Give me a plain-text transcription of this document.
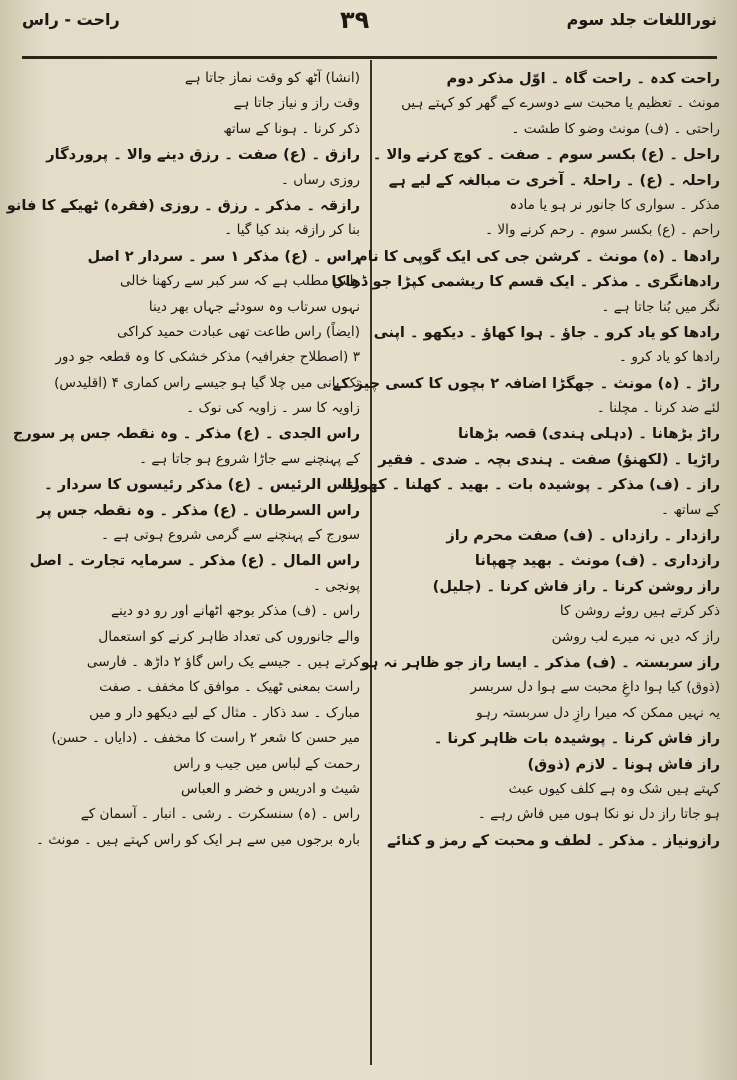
راحت - راس	۳۹	نوراللغات جلد سوم
راحت کدہ ۔ راحت گاہ ۔ اوّل مذکر دوم
مونث ۔ تعظیم یا محبت سے دوسرے کے گھر کو کہتے ہیں
راحتی ۔ (ف) مونث وضو کا طشت ۔
راحل ۔ (ع) بکسر سوم ۔ صفت ۔ کوچ کرنے والا ۔
راحلہ ۔ (ع) ۔ راحلۃ ۔ آخری ت مبالغہ کے لیے ہے
مذکر ۔ سواری کا جانور نر ہو یا مادہ
راحم ۔ (ع) بکسر سوم ۔ رحم کرنے والا ۔
رادھا ۔ (ہ) مونث ۔ کرشن جی کی ایک گوپی کا نام
رادھانگری ۔ مذکر ۔ ایک قسم کا ریشمی کپڑا جو ڈھاکا
نگر میں بُنا جاتا ہے ۔
رادھا کو یاد کرو ۔ جاؤ ۔ ہوا کھاؤ ۔ دیکھو ۔ اپنی
رادھا کو یاد کرو ۔
راڑ ۔ (ہ) مونث ۔ جھگڑا اضافہ ۲ بچوں کا کسی چیز کے
لئے ضد کرنا ۔ مچلنا ۔
راڑ بڑھانا ۔ (دہلی ہندی) قصہ بڑھانا
راڑیا ۔ (لکھنؤ) صفت ۔ ہندی بچہ ۔ ضدی ۔ فقیر
راز ۔ (ف) مذکر ۔ پوشیدہ بات ۔ بھید ۔ کھلنا ۔ کھولنا
کے ساتھ ۔
رازدار ۔ رازداں ۔ (ف) صفت محرم راز
رازداری ۔ (ف) مونث ۔ بھید چھپانا
راز روشن کرنا ۔ راز فاش کرنا ۔ (جلیل)
ذکر کرتے ہیں روئے روشن کا
راز کہ دیں نہ میرے لب روشن
راز سربستہ ۔ (ف) مذکر ۔ ایسا راز جو ظاہر نہ ہو
(ذوق) کیا ہوا داغِ محبت سے ہوا دل سربسر
یہ نہیں ممکن کہ میرا رازِ دل سربستہ رہو
راز فاش کرنا ۔ پوشیدہ بات ظاہر کرنا ۔
راز فاش ہونا ۔ لازم (ذوق)
کہتے ہیں شک وہ ہے کلف کیوں عبث
ہو جاتا راز دل نو نکا ہوں میں فاش رہے ۔
رازونیاز ۔ مذکر ۔ لطف و محبت کے رمز و کنائے
(انشا) آٹھ کو وقت نماز جاتا ہے
وقت راز و نیاز جاتا ہے
ذکر کرنا ۔ ہونا کے ساتھ
رازق ۔ (ع) صفت ۔ رزق دینے والا ۔ پروردگار
روزی رساں ۔
رازقہ ۔ مذکر ۔ رزق ۔ روزی (فقرہ) ٹھیکے کا فانو
بنا کر رازقہ بند کیا گیا ۔
راس ۔ (ع) مذکر ۱ سر ۔ سردار ۲ اصل
راس مطلب ہے کہ سر کبر سے رکھنا خالی
نہوں سرتاب وہ سودئے جہاں بھر دینا
(ایضاً) راس طاعت تھی عبادت حمید کراکی
۳ (اصطلاح جغرافیہ) مذکر خشکی کا وہ قطعہ جو دور
تک پانی میں چلا گیا ہو جیسے راس کماری ۴ (اقلیدس)
زاویہ کا سر ۔ زاویہ کی نوک ۔
راس الجدی ۔ (ع) مذکر ۔ وہ نقطہ جس پر سورج
کے پہنچنے سے جاڑا شروع ہو جاتا ہے ۔
راس الرئیس ۔ (ع) مذکر رئیسوں کا سردار ۔
راس السرطان ۔ (ع) مذکر ۔ وہ نقطہ جس پر
سورج کے پہنچنے سے گرمی شروع ہوتی ہے ۔
راس المال ۔ (ع) مذکر ۔ سرمایہ تجارت ۔ اصل
پونجی ۔
راس ۔ (ف) مذکر بوجھ اٹھانے اور رو دو دینے
والے جانوروں کی تعداد ظاہر کرنے کو استعمال
کرتے ہیں ۔ جیسے یک راس گاؤ ۲ داڑھ ۔ فارسی
راست بمعنی ٹھیک ۔ موافق کا مخفف ۔ صفت
مبارک ۔ سد ذکار ۔ مثال کے لیے دیکھو دار و میں
میر حسن کا شعر ۲ راست کا مخفف ۔ (دایاں ۔ حسن)
رحمت کے لباس میں جیب و راس
شیث و ادریس و خضر و العباس
راس ۔ (ہ) سنسکرت ۔ رشی ۔ انبار ۔ آسمان کے
بارہ برجوں میں سے ہر ایک کو راس کہتے ہیں ۔ مونث ۔
